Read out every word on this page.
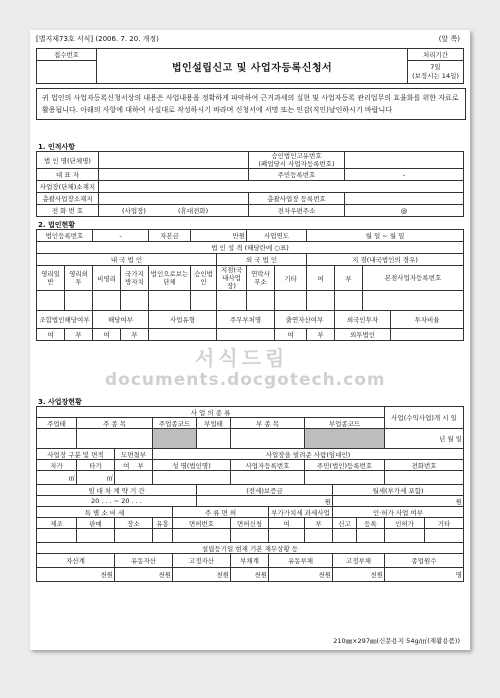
[별지제73호 서식] (2006. 7. 20. 개정)	(앞 쪽)
접수번호	법인설립신고 및 사업자등록신청서	처리기간
		7일
(보정시는 14일)
귀 법인의 사업자등록신청서상의 내용은 사업내용을 정확하게 파악하여 근거과세의 실현 및 사업자등록 관리업무의 효율화를 위한 자료로 활용됩니다. 아래의 사항에 대하여 사실대로 작성하시기 바라며 신청서에 서명 또는 인감(직인)날인하시기 바랍니다
1. 인적사항
법 인 명(단체명)		승인법인고유번호
(폐업당시 사업자등록번호)	
대 표 자		주민등록번호	-
사업장(단체)소재지			
총괄사업장소재지		총괄사업장 등록번호	
전 화 번 호	(사업장) (휴대전화)	전자우편주소	@
2. 법인현황
법인등록번호		-		자본금	만원		사업연도		월 일 ~ 월 일			
법 인 성 격 (해당란에 ○표)												
내 국 법 인						외 국 법 인			지 점(내국법인의 경우)			
영리일반	영리외투	비영리	국가지방자치	법인으로보는단체	승인법인	지점(국내사업장)	연락사무소	기타	여	부	본점사업자등록번호	

조합법인해당여부		해당여부		사업유형		주무부처명		출연자산여부		외국인투자		투자비율
여	부	여	부					여	부	외투법인		
3. 사업장현황
사 업 의 종 류											사업(수익사업)개 시 일	
주업태	주 종 목		주업종코드		부업태	부 종 목		부업종코드				
											년 월 일	
사업장 구분 및 면적		도면첨부	사업장을 빌려준 사람(임대인)									
자가	타가	여 부	성 명(법인명)			사업자등록번호		주민(법인)등록번호			전화번호	
㎡	㎡											
임 대 차 계 약 기 간					(전세)보증금				월세(부가세 포함)			
20 . . . ~ 20 . . .					원				원			
특 별 소 비 세				주 류 면 허			부가가치세 과세사업		인·허가 사업 여부			
제조	판매	장소	유흥	면허번호		면허신청	여	부	신고	등록	인허가	기타

설립등기일 현재 기본 재무상황 등												
자산계		유동자산		고정자산		부채계	유동부채		고정부채		종업원수	
천원		천원		천원		천원	천원		천원		명	
210㎜×297㎜(신문용지 54g/㎡(재활용품))
서식드림
documents.docgotech.com
